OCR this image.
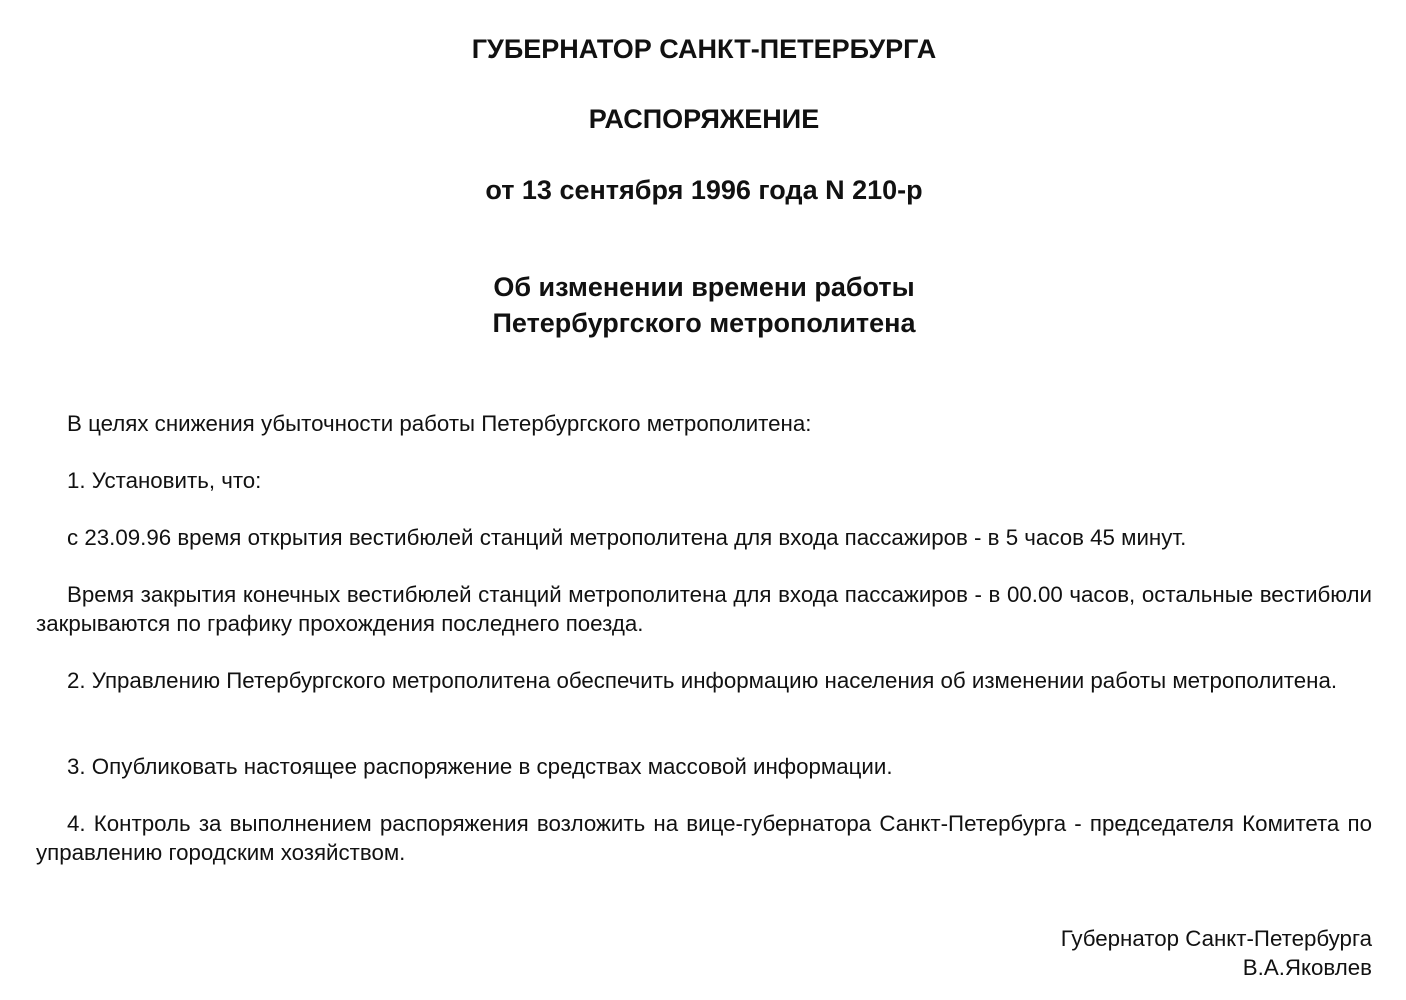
ГУБЕРНАТОР САНКТ-ПЕТЕРБУРГА
РАСПОРЯЖЕНИЕ
от 13 сентября 1996 года N 210-р
Об изменении времени работы
Петербургского метрополитена

В целях снижения убыточности работы Петербургского метрополитена:

1. Установить, что:

с 23.09.96 время открытия вестибюлей станций метрополитена для входа пассажиров - в 5 часов 45 минут.

Время закрытия конечных вестибюлей станций метрополитена для входа пассажиров - в 00.00 часов, остальные вестибюли закрываются по графику прохождения последнего поезда.

2. Управлению Петербургского метрополитена обеспечить информацию населения об изменении работы метрополитена.

3. Опубликовать настоящее распоряжение в средствах массовой информации.

4. Контроль за выполнением распоряжения возложить на вице-губернатора Санкт-Петербурга - председателя Комитета по управлению городским хозяйством.

Губернатор Санкт-Петербурга
В.А.Яковлев
